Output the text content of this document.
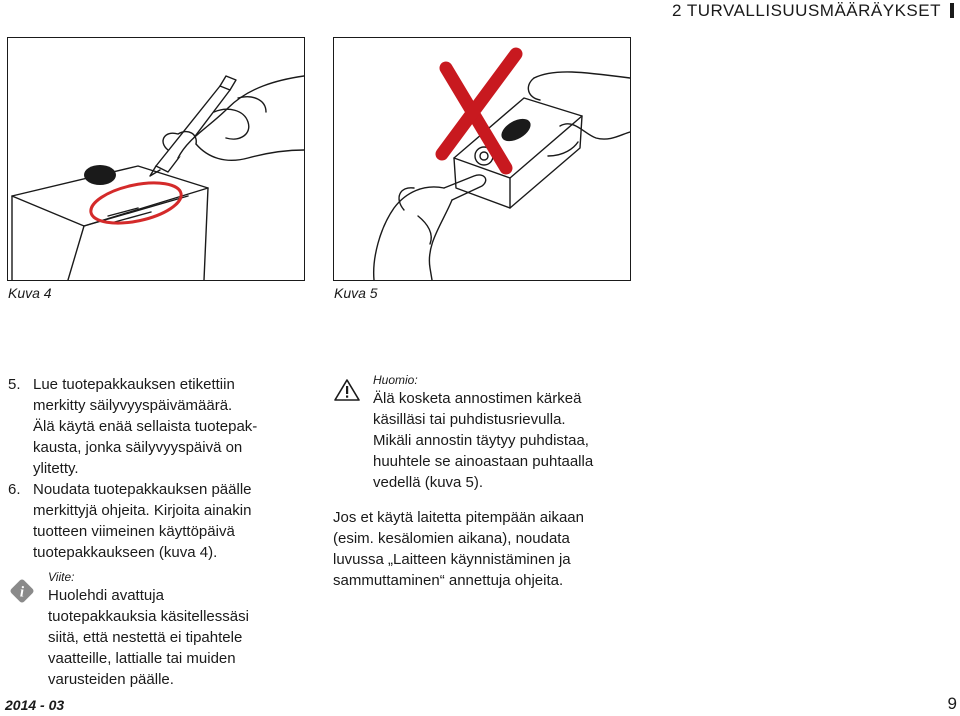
2 TURVALLISUUSMÄÄRÄYKSET
Kuva 4	Kuva 5
5. Lue tuotepakkauksen etikettiin
merkitty säilyvyyspäivämäärä.
Älä käytä enää sellaista tuotepak-
kausta, jonka säilyvyyspäivä on
ylitetty.
6. Noudata tuotepakkauksen päälle
merkittyjä ohjeita. Kirjoita ainakin
tuotteen viimeinen käyttöpäivä
tuotepakkaukseen (kuva 4).
i
Viite:
Huolehdi avattuja
tuotepakkauksia käsitellessäsi
siitä, että nestettä ei tipahtele
vaatteille, lattialle tai muiden
varusteiden päälle.
Huomio:
Älä kosketa annostimen kärkeä
käsilläsi tai puhdistusrievulla.
Mikäli annostin täytyy puhdistaa,
huuhtele se ainoastaan puhtaalla
vedellä (kuva 5).
Jos et käytä laitetta pitempään aikaan
(esim. kesälomien aikana), noudata
luvussa „Laitteen käynnistäminen ja
sammuttaminen“ annettuja ohjeita.
2014 - 03	9
